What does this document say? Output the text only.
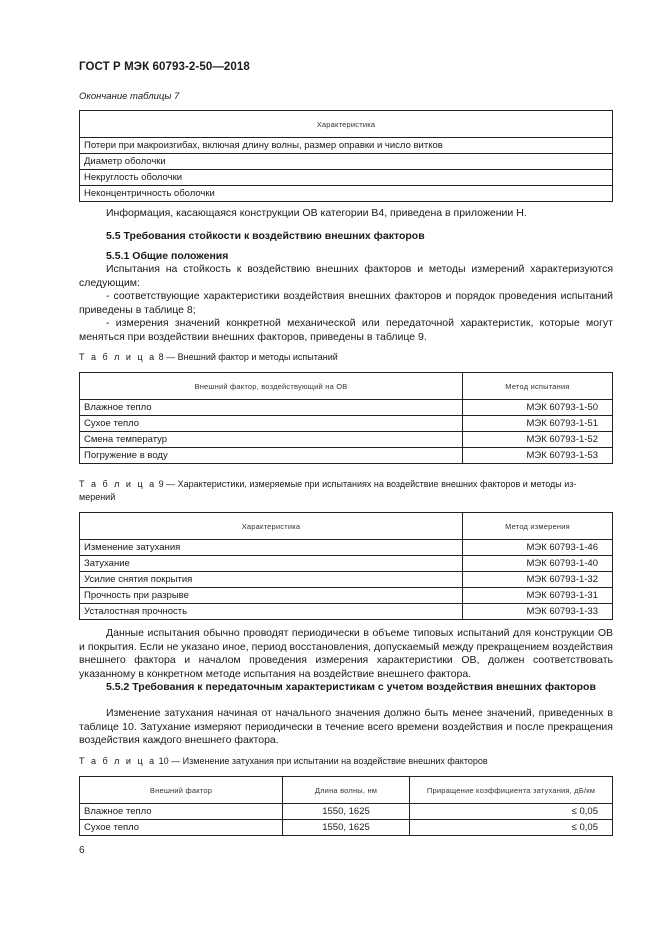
ГОСТ Р МЭК 60793-2-50—2018
Окончание таблицы 7
Характеристика
Потери при макроизгибах, включая длину волны, размер оправки и число витков
Диаметр оболочки
Некруглость оболочки
Неконцентричность оболочки
Информация, касающаяся конструкции ОВ категории В4, приведена в приложении Н.
5.5 Требования стойкости к воздействию внешних факторов
5.5.1 Общие положения
Испытания на стойкость к воздействию внешних факторов и методы измерений характеризуются следующим:
- соответствующие характеристики воздействия внешних факторов и порядок проведения испытаний приведены в таблице 8;
- измерения значений конкретной механической или передаточной характеристик, которые могут меняться при воздействии внешних факторов, приведены в таблице 9.
Т а б л и ц а 8 — Внешний фактор и методы испытаний
Внешний фактор, воздействующий на ОВ	Метод испытания
Влажное тепло	МЭК 60793-1-50
Сухое тепло	МЭК 60793-1-51
Смена температур	МЭК 60793-1-52
Погружение в воду	МЭК 60793-1-53
Т а б л и ц а 9 — Характеристики, измеряемые при испытаниях на воздействие внешних факторов и методы из-
мерений
Характеристика	Метод измерения
Изменение затухания	МЭК 60793-1-46
Затухание	МЭК 60793-1-40
Усилие снятия покрытия	МЭК 60793-1-32
Прочность при разрыве	МЭК 60793-1-31
Усталостная прочность	МЭК 60793-1-33
Данные испытания обычно проводят периодически в объеме типовых испытаний для конструкции ОВ и покрытия. Если не указано иное, период восстановления, допускаемый между прекращением воздействия внешнего фактора и началом проведения измерения характеристики ОВ, должен соответствовать указанному в конкретном методе испытания на воздействие внешнего фактора.
5.5.2 Требования к передаточным характеристикам с учетом воздействия внешних факторов
Изменение затухания начиная от начального значения должно быть менее значений, приведенных в таблице 10. Затухание измеряют периодически в течение всего времени воздействия и после прекращения воздействия каждого внешнего фактора.
Т а б л и ц а 10 — Изменение затухания при испытании на воздействие внешних факторов
Внешний фактор	Длина волны, нм	Приращение коэффициента затухания, дБ/км
Влажное тепло	1550, 1625	≤ 0,05
Сухое тепло	1550, 1625	≤ 0,05
6
